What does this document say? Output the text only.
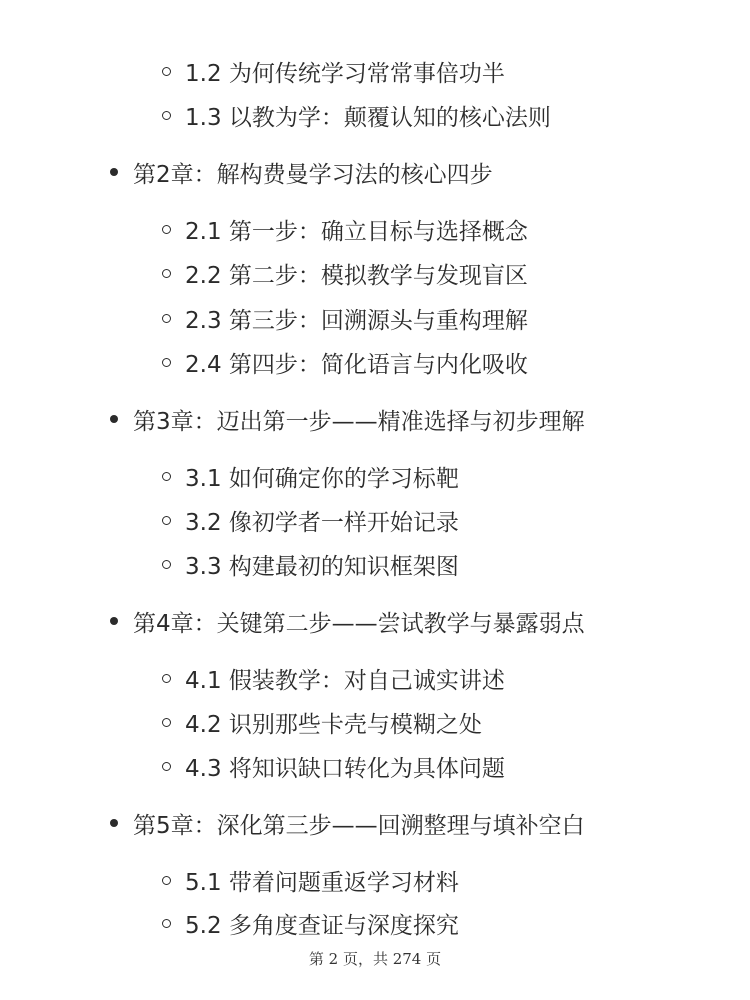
1.2 为何传统学习常常事倍功半
1.3 以教为学：颠覆认知的核心法则
第2章：解构费曼学习法的核心四步
2.1 第一步：确立目标与选择概念
2.2 第二步：模拟教学与发现盲区
2.3 第三步：回溯源头与重构理解
2.4 第四步：简化语言与内化吸收
第3章：迈出第一步——精准选择与初步理解
3.1 如何确定你的学习标靶
3.2 像初学者一样开始记录
3.3 构建最初的知识框架图
第4章：关键第二步——尝试教学与暴露弱点
4.1 假装教学：对自己诚实讲述
4.2 识别那些卡壳与模糊之处
4.3 将知识缺口转化为具体问题
第5章：深化第三步——回溯整理与填补空白
5.1 带着问题重返学习材料
5.2 多角度查证与深度探究
第 2 页，共 274 页
